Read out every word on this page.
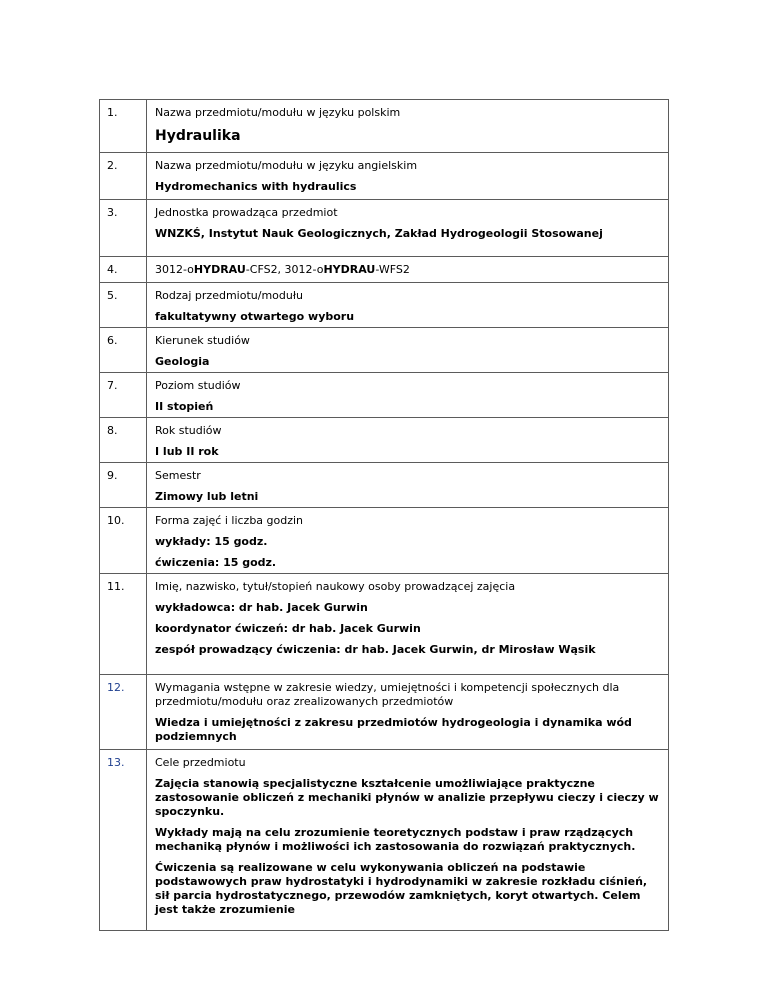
1.	Nazwa przedmiotu/modułu w języku polskim
Hydraulika

2.	Nazwa przedmiotu/modułu w języku angielskim
Hydromechanics with hydraulics

3.	Jednostka prowadząca przedmiot
WNZKŚ, Instytut Nauk Geologicznych, Zakład Hydrogeologii Stosowanej

4.	3012-oHYDRAU-CFS2, 3012-oHYDRAU-WFS2

5.	Rodzaj przedmiotu/modułu
fakultatywny otwartego wyboru

6.	Kierunek studiów
Geologia

7.	Poziom studiów
II stopień

8.	Rok studiów
I lub II rok

9.	Semestr
Zimowy lub letni

10.	Forma zajęć i liczba godzin
wykłady: 15 godz.
ćwiczenia: 15 godz.

11.	Imię, nazwisko, tytuł/stopień naukowy osoby prowadzącej zajęcia
wykładowca: dr hab. Jacek Gurwin
koordynator ćwiczeń: dr hab. Jacek Gurwin
zespół prowadzący ćwiczenia: dr hab. Jacek Gurwin, dr Mirosław Wąsik

12.	Wymagania wstępne w zakresie wiedzy, umiejętności i kompetencji społecznych dla przedmiotu/modułu oraz zrealizowanych przedmiotów
Wiedza i umiejętności z zakresu przedmiotów hydrogeologia i dynamika wód podziemnych

13.	Cele przedmiotu
Zajęcia stanowią specjalistyczne kształcenie umożliwiające praktyczne zastosowanie obliczeń z mechaniki płynów w analizie przepływu cieczy i cieczy w spoczynku.
Wykłady mają na celu zrozumienie teoretycznych podstaw i praw rządzących mechaniką płynów i możliwości ich zastosowania do rozwiązań praktycznych.
Ćwiczenia są realizowane w celu wykonywania obliczeń na podstawie podstawowych praw hydrostatyki i hydrodynamiki w zakresie rozkładu ciśnień, sił parcia hydrostatycznego, przewodów zamkniętych, koryt otwartych. Celem jest także zrozumienie
